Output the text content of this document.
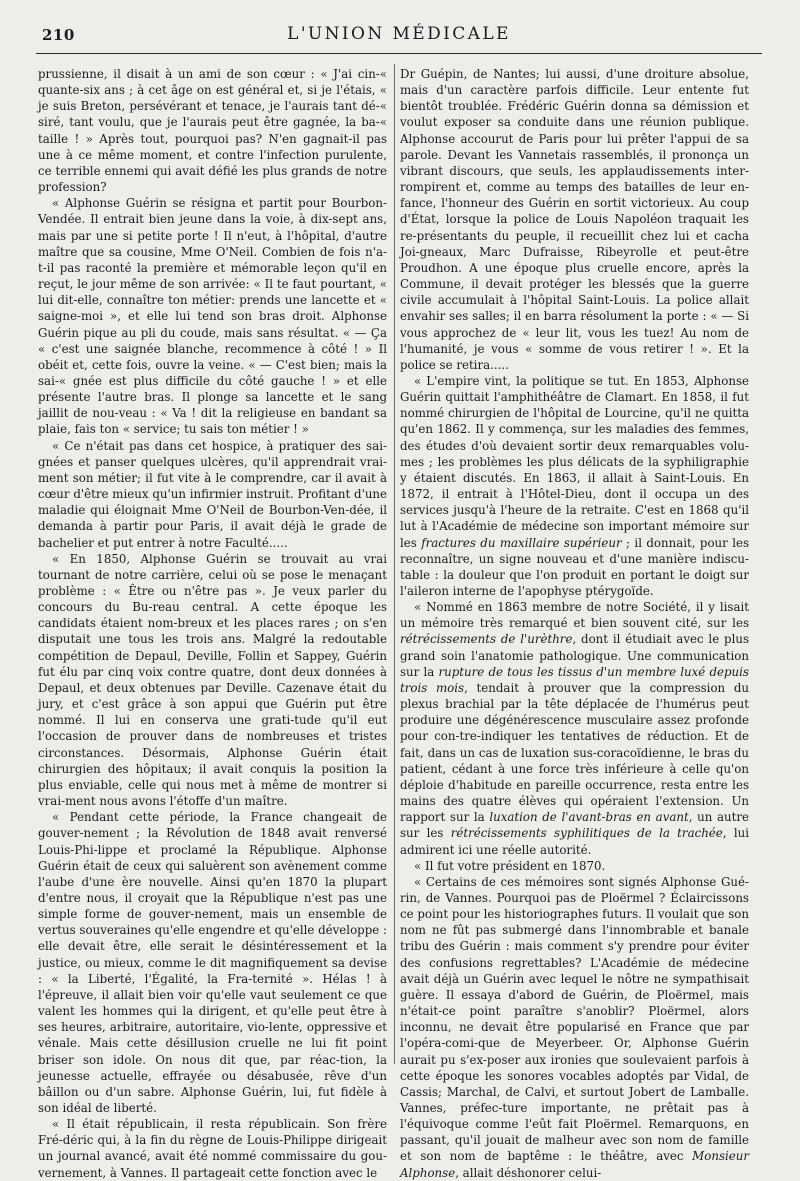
210	L'UNION MÉDICALE

prussienne, il disait à un ami de son cœur : « J'ai cin-« quante-six ans ; à cet âge on est général et, si je l'étais, « je suis Breton, persévérant et tenace, je l'aurais tant dé-« siré, tant voulu, que je l'aurais peut être gagnée, la ba-« taille ! » Après tout, pourquoi pas? N'en gagnait-il pas une à ce même moment, et contre l'infection purulente, ce terrible ennemi qui avait défié les plus grands de notre profession?

« Alphonse Guérin se résigna et partit pour Bourbon-Vendée. Il entrait bien jeune dans la voie, à dix-sept ans, mais par une si petite porte ! Il n'eut, à l'hôpital, d'autre maître que sa cousine, Mme O'Neil. Combien de fois n'a-t-il pas raconté la première et mémorable leçon qu'il en reçut, le jour même de son arrivée: « Il te faut pourtant, « lui dit-elle, connaître ton métier: prends une lancette et « saigne-moi », et elle lui tend son bras droit. Alphonse Guérin pique au pli du coude, mais sans résultat. « — Ça « c'est une saignée blanche, recommence à côté ! » Il obéit et, cette fois, ouvre la veine. « — C'est bien; mais la sai-« gnée est plus difficile du côté gauche ! » et elle présente l'autre bras. Il plonge sa lancette et le sang jaillit de nou-veau : « Va ! dit la religieuse en bandant sa plaie, fais ton « service; tu sais ton métier ! »

« Ce n'était pas dans cet hospice, à pratiquer des sai-gnées et panser quelques ulcères, qu'il apprendrait vrai-ment son métier; il fut vite à le comprendre, car il avait à cœur d'être mieux qu'un infirmier instruit. Profitant d'une maladie qui éloignait Mme O'Neil de Bourbon-Ven-dée, il demanda à partir pour Paris, il avait déjà le grade de bachelier et put entrer à notre Faculté.....

« En 1850, Alphonse Guérin se trouvait au vrai tournant de notre carrière, celui où se pose le menaçant problème : « Être ou n'être pas ». Je veux parler du concours du Bu-reau central. A cette époque les candidats étaient nom-breux et les places rares ; on s'en disputait une tous les trois ans. Malgré la redoutable compétition de Depaul, Deville, Follin et Sappey, Guérin fut élu par cinq voix contre quatre, dont deux données à Depaul, et deux obtenues par Deville. Cazenave était du jury, et c'est grâce à son appui que Guérin put être nommé. Il lui en conserva une grati-tude qu'il eut l'occasion de prouver dans de nombreuses et tristes circonstances. Désormais, Alphonse Guérin était chirurgien des hôpitaux; il avait conquis la position la plus enviable, celle qui nous met à même de montrer si vrai-ment nous avons l'étoffe d'un maître.

« Pendant cette période, la France changeait de gouver-nement ; la Révolution de 1848 avait renversé Louis-Phi-lippe et proclamé la République. Alphonse Guérin était de ceux qui saluèrent son avènement comme l'aube d'une ère nouvelle. Ainsi qu'en 1870 la plupart d'entre nous, il croyait que la République n'est pas une simple forme de gouver-nement, mais un ensemble de vertus souveraines qu'elle engendre et qu'elle développe : elle devait être, elle serait le désintéressement et la justice, ou mieux, comme le dit magnifiquement sa devise : « la Liberté, l'Égalité, la Fra-ternité ». Hélas ! à l'épreuve, il allait bien voir qu'elle vaut seulement ce que valent les hommes qui la dirigent, et qu'elle peut être à ses heures, arbitraire, autoritaire, vio-lente, oppressive et vénale. Mais cette désillusion cruelle ne lui fit point briser son idole. On nous dit que, par réac-tion, la jeunesse actuelle, effrayée ou désabusée, rêve d'un bâillon ou d'un sabre. Alphonse Guérin, lui, fut fidèle à son idéal de liberté.

« Il était républicain, il resta républicain. Son frère Fré-déric qui, à la fin du règne de Louis-Philippe dirigeait un journal avancé, avait été nommé commissaire du gou-vernement, à Vannes. Il partageait cette fonction avec le

Dr Guépin, de Nantes; lui aussi, d'une droiture absolue, mais d'un caractère parfois difficile. Leur entente fut bientôt troublée. Frédéric Guérin donna sa démission et voulut exposer sa conduite dans une réunion publique. Alphonse accourut de Paris pour lui prêter l'appui de sa parole. Devant les Vannetais rassemblés, il prononça un vibrant discours, que seuls, les applaudissements inter-rompirent et, comme au temps des batailles de leur en-fance, l'honneur des Guérin en sortit victorieux. Au coup d'État, lorsque la police de Louis Napoléon traquait les re-présentants du peuple, il recueillit chez lui et cacha Joi-gneaux, Marc Dufraisse, Ribeyrolle et peut-être Proudhon. A une époque plus cruelle encore, après la Commune, il devait protéger les blessés que la guerre civile accumulait à l'hôpital Saint-Louis. La police allait envahir ses salles; il en barra résolument la porte : « — Si vous approchez de « leur lit, vous les tuez! Au nom de l'humanité, je vous « somme de vous retirer ! ». Et la police se retira.....

« L'empire vint, la politique se tut. En 1853, Alphonse Guérin quittait l'amphithéâtre de Clamart. En 1858, il fut nommé chirurgien de l'hôpital de Lourcine, qu'il ne quitta qu'en 1862. Il y commença, sur les maladies des femmes, des études d'où devaient sortir deux remarquables volu-mes ; les problèmes les plus délicats de la syphiligraphie y étaient discutés. En 1863, il allait à Saint-Louis. En 1872, il entrait à l'Hôtel-Dieu, dont il occupa un des services jusqu'à l'heure de la retraite. C'est en 1868 qu'il lut à l'Académie de médecine son important mémoire sur les fractures du maxillaire supérieur ; il donnait, pour les reconnaître, un signe nouveau et d'une manière indiscu-table : la douleur que l'on produit en portant le doigt sur l'aileron interne de l'apophyse ptérygoïde.

« Nommé en 1863 membre de notre Société, il y lisait un mémoire très remarqué et bien souvent cité, sur les rétrécissements de l'urèthre, dont il étudiait avec le plus grand soin l'anatomie pathologique. Une communication sur la rupture de tous les tissus d'un membre luxé depuis trois mois, tendait à prouver que la compression du plexus brachial par la tête déplacée de l'humérus peut produire une dégénérescence musculaire assez profonde pour con-tre-indiquer les tentatives de réduction. Et de fait, dans un cas de luxation sus-coracoïdienne, le bras du patient, cédant à une force très inférieure à celle qu'on déploie d'habitude en pareille occurrence, resta entre les mains des quatre élèves qui opéraient l'extension. Un rapport sur la luxation de l'avant-bras en avant, un autre sur les rétrécissements syphilitiques de la trachée, lui admirent ici une réelle autorité.

« Il fut votre président en 1870.

« Certains de ces mémoires sont signés Alphonse Gué-rin, de Vannes. Pourquoi pas de Ploërmel ? Éclaircissons ce point pour les historiographes futurs. Il voulait que son nom ne fût pas submergé dans l'innombrable et banale tribu des Guérin : mais comment s'y prendre pour éviter des confusions regrettables? L'Académie de médecine avait déjà un Guérin avec lequel le nôtre ne sympathisait guère. Il essaya d'abord de Guérin, de Ploërmel, mais n'était-ce point paraître s'anoblir? Ploërmel, alors inconnu, ne devait être popularisé en France que par l'opéra-comi-que de Meyerbeer. Or, Alphonse Guérin aurait pu s'ex-poser aux ironies que soulevaient parfois à cette époque les sonores vocables adoptés par Vidal, de Cassis; Marchal, de Calvi, et surtout Jobert de Lamballe. Vannes, préfec-ture importante, ne prêtait pas à l'équivoque comme l'eût fait Ploërmel. Remarquons, en passant, qu'il jouait de malheur avec son nom de famille et son nom de baptême : le théâtre, avec Monsieur Alphonse, allait déshonorer celui-
